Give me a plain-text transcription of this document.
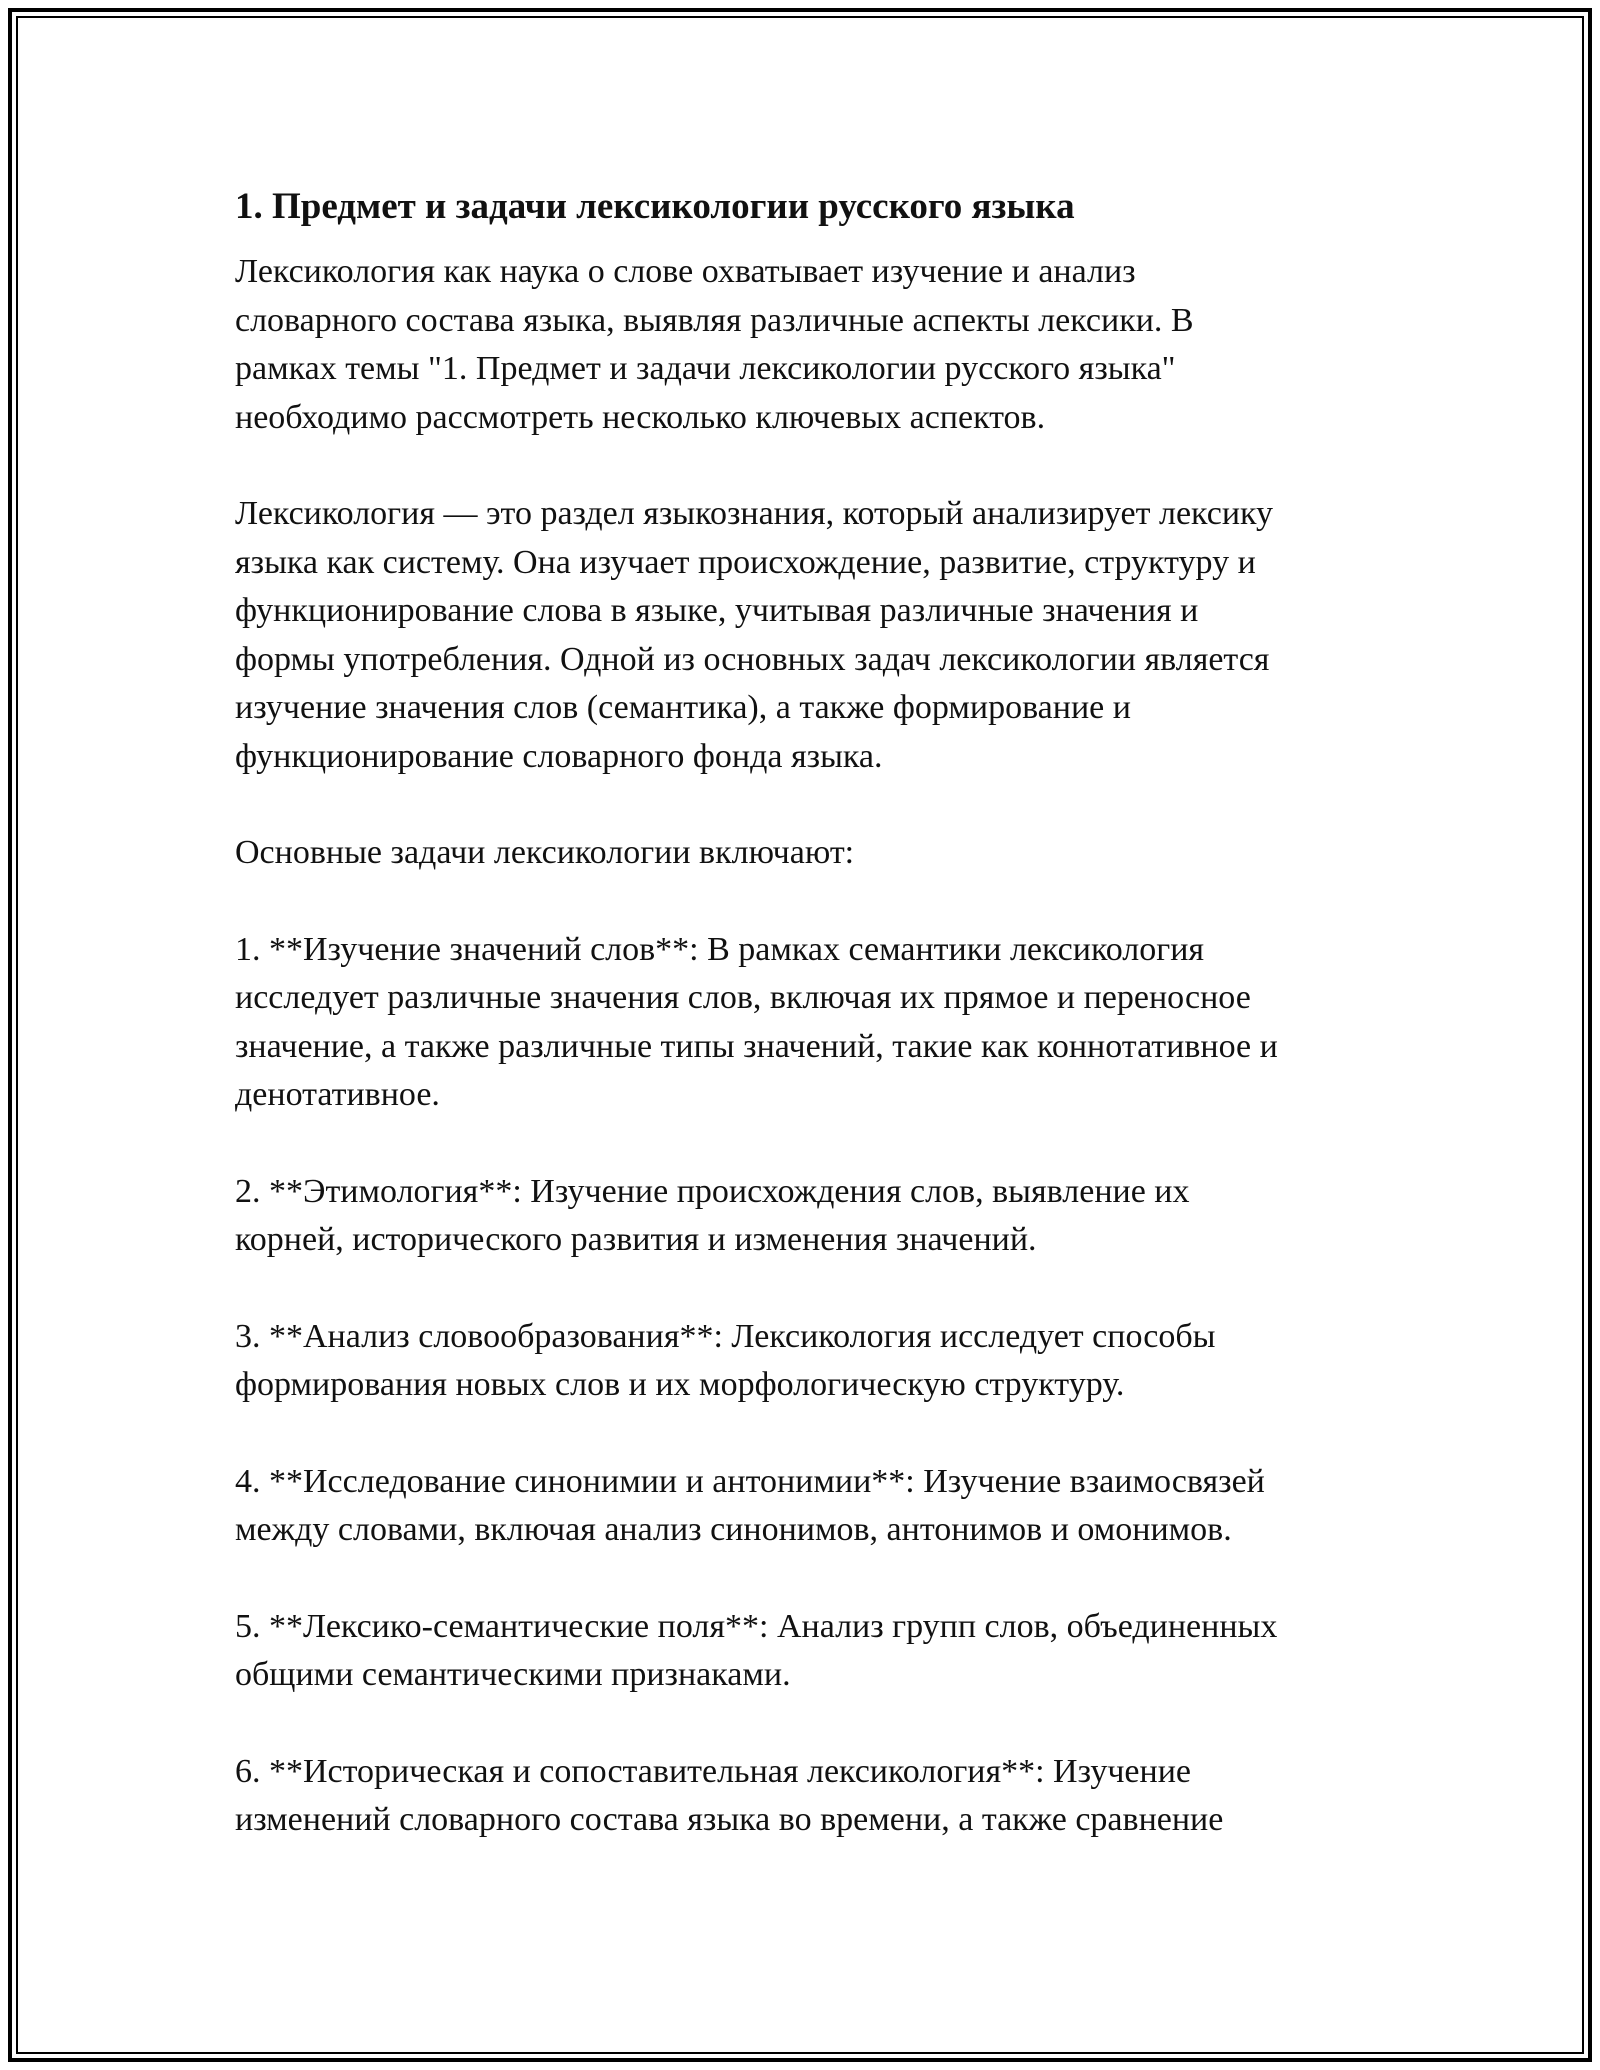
1. Предмет и задачи лексикологии русского языка

Лексикология как наука о слове охватывает изучение и анализ
словарного состава языка, выявляя различные аспекты лексики. В
рамках темы "1. Предмет и задачи лексикологии русского языка"
необходимо рассмотреть несколько ключевых аспектов.

Лексикология — это раздел языкознания, который анализирует лексику
языка как систему. Она изучает происхождение, развитие, структуру и
функционирование слова в языке, учитывая различные значения и
формы употребления. Одной из основных задач лексикологии является
изучение значения слов (семантика), а также формирование и
функционирование словарного фонда языка.

Основные задачи лексикологии включают:

1. **Изучение значений слов**: В рамках семантики лексикология
исследует различные значения слов, включая их прямое и переносное
значение, а также различные типы значений, такие как коннотативное и
денотативное.

2. **Этимология**: Изучение происхождения слов, выявление их
корней, исторического развития и изменения значений.

3. **Анализ словообразования**: Лексикология исследует способы
формирования новых слов и их морфологическую структуру.

4. **Исследование синонимии и антонимии**: Изучение взаимосвязей
между словами, включая анализ синонимов, антонимов и омонимов.

5. **Лексико-семантические поля**: Анализ групп слов, объединенных
общими семантическими признаками.

6. **Историческая и сопоставительная лексикология**: Изучение
изменений словарного состава языка во времени, а также сравнение
